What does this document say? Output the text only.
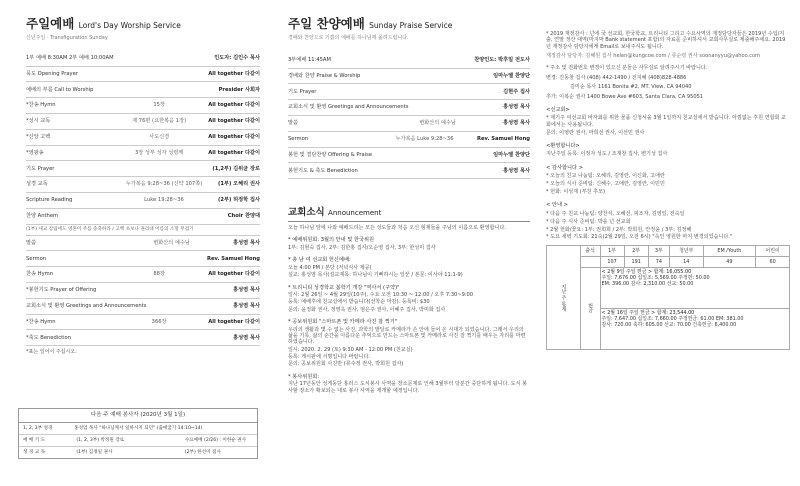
주일예배 Lord's Day Worship Service
신년주일 · Transfiguration Sunday
1부 예배 8:30AM 2부 예배 10:00AM	인도자: 김인수 목사
묵도 Opening Prayer	All together 다같이
예배의 부름 Call to Worship	Presider 사회자
*찬송 Hymn	15장	All together 다같이
*성시 교독	제 76편 (요한복음 1장)	All together 다같이
*신앙 고백	사도신경	All together 다같이
*영광송	3장 성부 성자 성령께	All together 다같이
기도 Prayer	(1,2부) 김위균 장로
성경 교독	누가복음 9:28~36 (신약 107쪽)	(1부) 오혜리 권사
Scripture Reading	Luke 19:28~36	(2부) 허정학 집사
찬양 Anthem	Choir 찬양대
(1부) 새교 강림에도 영혼이 주를 송축하라 / 고백 초보나 권리대 이름의 소망 무겁기
말씀	변화산의 예수님	홍성염 목사
Sermon	Rev. Samuel Hong
찬송 Hymn	88장	All together 다같이
*봉헌기도 Prayer of Offering	홍성염 목사
교회소식 및 환영 Greetings and Announcements	홍성염 목사
*찬송 Hymn	366장	All together 다같이
*축도 Benediction	홍성염 목사
*표는 일어서 주십시오.
다음 주 예배 봉사자 (2020년 3월 1일)
1, 2, 3부 성경	홍성염 목사 "하나님께서 일하시지 되던" (출애굽기 14:10~14)
예 배 기 도	(1, 2, 3부) 박정원 장로	수요예배 (2/26) : 이한순 권사
성 경 교 독	(1부) 김정일 권사	(2부) 한선미 집사
주일 찬양예배 Sunday Praise Service
경배와 찬양으로 기쁨의 예배를 하나님께 올려드립니다.
3부예배 11:45AM	찬양인도: 박후일 전도사
경배와 찬양 Praise & Worship	임마누엘 찬양단
기도 Prayer	김현주 집사
교회소식 및 환영 Greetings and Announcements	홍성염 목사
말씀	변화산의 예수님	홍성염 목사
Sermon	누가복음 Luke 9:28~36	Rev. Samuel Hong
봉헌 및 결단찬양 Offering & Praise	임마누엘 찬양단
봉헌기도 & 축도 Benediction	홍성염 목사
교회소식 Announcement
오늘 하나님 앞에 나와 예배드리는 모든 성도들과 처음 오신 형제들을 주님의 이름으로 환영합니다.
* 예배위원회: 3월의 안내 및 한국위원
1부: 김현숙 집사, 2부: 김한홍 집사/오순영 집사, 3부: 한성미 집사
* 총 남 여 선교회 헌신예배:
오늘 4:00 PM / 본당 (저녁식사 제공)
설교: 홍성염 목사(설교제목: 하나님이 기뻐하시는 일꾼 / 본문: 이사야 11:1-9)
* 트리니티 성경학교 봄학기 개강 "역사서 (구약)"
일시: 2월 26일 ~ 4월 29일(10주), 수요 오전 10:30 ~ 12:00 / 오후 7:30~9:00
등록: 예배후에 친교실에서 받습니다(선착순 마감). 등록비: $30
문의: 윤정화 권사, 정영옥 권사, 엄은주 권사, 이혜주 집사, 박미화 집사
* 공보위원회 "스마트폰 및 카메라 사진 잘 찍기"
우리의 생활과 몇 수 없는 사진, 과학의 발달로 카메라가 손 안에 들어 온 시대가 되었습니다. 그래서 우리의 삶을 기록, 삶의 순간을 아름다운 추억으로 만드는 스마트폰 및 카메라로 사진 잘 찍기를 배우는 자리를 마련하였습니다.
일시: 2020. 2. 29 (토) 9:30 AM - 12:00 PM (친교실)
등록: 게시판에 서명입니다 바랍니다.
문의: 공보위원회 사진반 (류수정 권사, 박희원 집사)
* 봉사위원회:
지난 17년동안 성게동단 홍러스 도식봉사 사역을 장소문제로 인해 3월부터 당분간 중단하게 됩니다. 도식 봉사할 장소가 확보되는 대로 봉사 사역을 재개할 예정입니다.
* 2019 재정감사 : 넌에 국 선교회, 한국학교, 트리니티 그리고 수요사역의 재정담당자들은 2019년 수입/지출, 연말 정산 대역(마지막 Bank statement 포함)의 자료를 준비하셔서 교회사무실로 제출해주세요. 2019년 재정감사 담당자에게 Email로 보내주셔도 됩니다.
재정감사 담당자: 김혜원 집사 helen@kungcoe.com / 류순령 권사 soonanyyu@yahoo.com
* 주소 및 전화번호 변경이 있으신 분들은 사무실로 알려주시기 바랍니다.
변경: 진동창 집사 (408) 442-1490 / 진지혜 (408)828-4886
김미순 목사 1161 Bonita #2, MT. View, CA 94040
추가: 이복순 권사 1400 Bowe Ave #603, Santa Clara, CA 95051
<선교회>
* 제기주 여선교회 바자회를 위한 물품 신청서을 3월 1일까지 친교실에서 받습니다. 아낌없는 후원 연합회 교회에서는 사용됩니다.
문의: 이영란 권사, 마희선 권사, 이선민 권사
<환영합니다>
지난주일 등록: 이정자 성도 / 조재창 집사, 변기성 집사
< 감사합니다 >
* 오늘의 친교 나눔팀: 오혜리, 김영란, 이신화, 고애란
* 오늘의 식사 준비팀: 신혜수, 고애란, 김영란, 이민민
* 헌화: 이성재 (부친 추모)
< 안내 >
* 다음 주 친교 나눔팀: 양찬식, 오혜선, 피조자, 김영일, 전숙일
* 다음 주 식사 준비팀: 박을 넌 선교회
* 2월 헌화/꽃요: 1부: 권희희 / 2부: 박희원, 안정윤 / 3부: 김정혜
* 도요 새벽 기도회: 21숙(2월 29일, 오전 6시) "속인 영원한 마지 변경되었습니다."
지난 주 통계	출석	1부	2부	3부	청년부	EM /Youth	어린이
		107	191	74	14	49	60
	헌금	< 2월 9일 주일 헌금 > 합계: 16,055.00
주일: 7,676.00 십일조: 5,569.00 주정헌: 50.00
EM: 396.00 감사: 2,310.00 선교: 50.00					

		< 2월 16일 주일 헌금 > 합계: 23,544.00
주일: 7,647.00 십일조: 7,660.00 주정헌금: 61.00 EM: 381.00
감사: 720.00 축하: 605.00 선교: 70.00 건축헌금: 6,400.00					
